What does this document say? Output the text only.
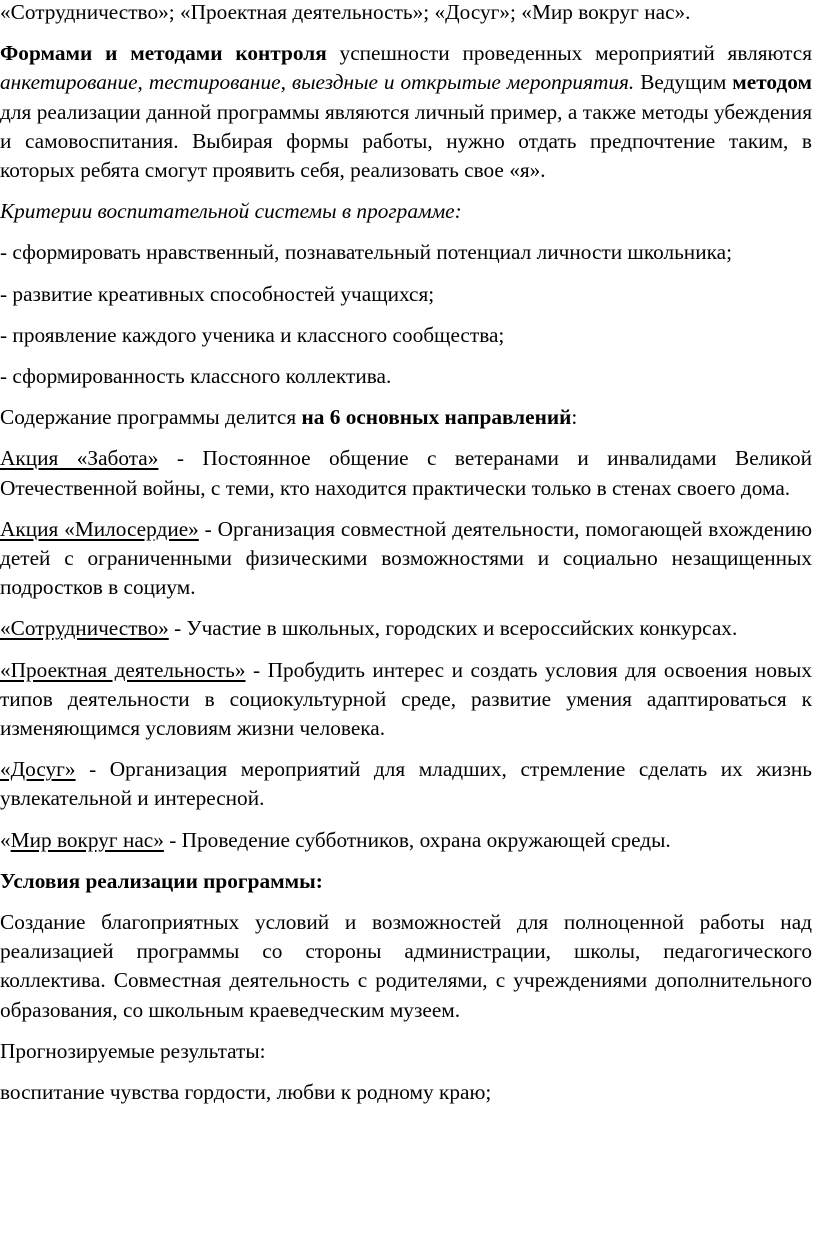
«Сотрудничество»; «Проектная деятельность»; «Досуг»; «Мир вокруг нас».

Формами и методами контроля успешности проведенных мероприятий являются анкетирование, тестирование, выездные и открытые мероприятия. Ведущим методом для реализации данной программы являются личный пример, а также методы убеждения и самовоспитания. Выбирая формы работы, нужно отдать предпочтение таким, в которых ребята смогут проявить себя, реализовать свое «я».

Критерии воспитательной системы в программе:

- сформировать нравственный, познавательный потенциал личности школьника;

- развитие креативных способностей учащихся;

- проявление каждого ученика и классного сообщества;

- сформированность классного коллектива.

Содержание программы делится на 6 основных направлений:

Акция «Забота» - Постоянное общение с ветеранами и инвалидами Великой Отечественной войны, с теми, кто находится практически только в стенах своего дома.

Акция «Милосердие» - Организация совместной деятельности, помогающей вхождению детей с ограниченными физическими возможностями и социально незащищенных подростков в социум.

«Сотрудничество» - Участие в школьных, городских и всероссийских конкурсах.

«Проектная деятельность» - Пробудить интерес и создать условия для освоения новых типов деятельности в социокультурной среде, развитие умения адаптироваться к изменяющимся условиям жизни человека.

«Досуг» - Организация мероприятий для младших, стремление сделать их жизнь увлекательной и интересной.

«Мир вокруг нас» - Проведение субботников, охрана окружающей среды.

Условия реализации программы:

Создание благоприятных условий и возможностей для полноценной работы над реализацией программы со стороны администрации, школы, педагогического коллектива. Совместная деятельность с родителями, с учреждениями дополнительного образования, со школьным краеведческим музеем.

Прогнозируемые результаты:

воспитание чувства гордости, любви к родному краю;
